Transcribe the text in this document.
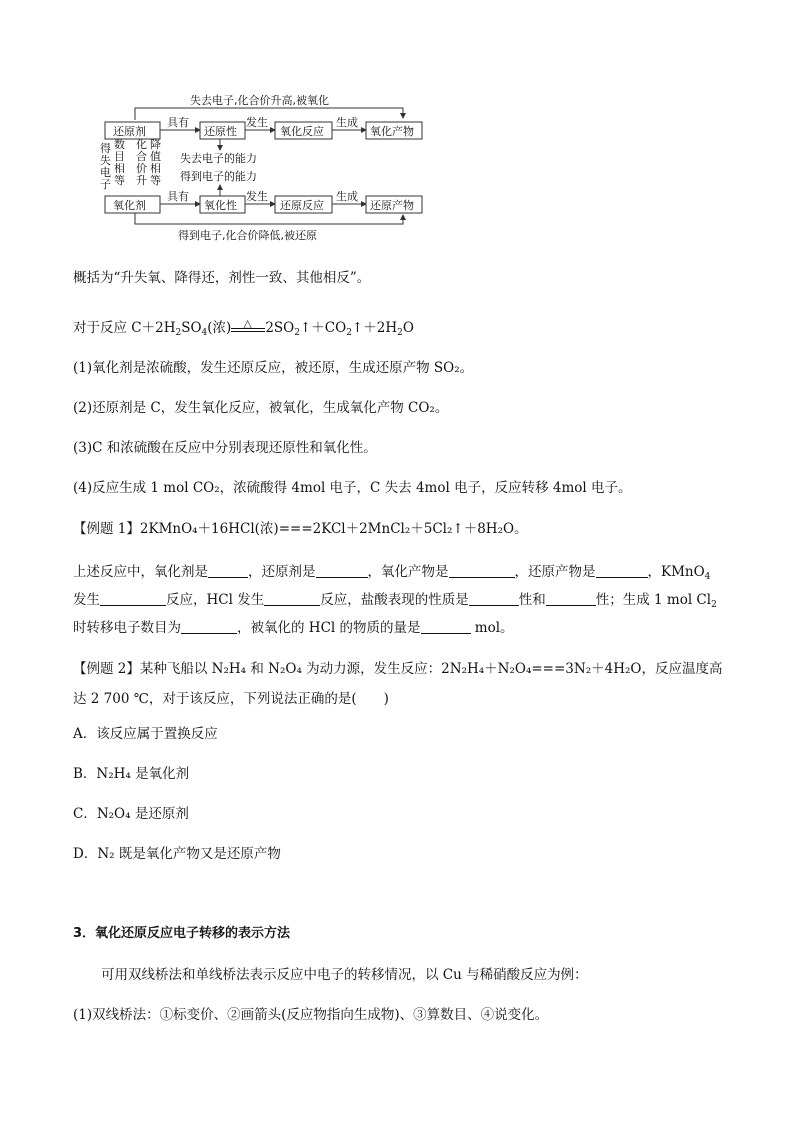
失去电子,化合价升高,被氧化
还原剂
具有
还原性
发生
氧化反应
生成
氧化产物
得失电子
数目相等
化合价升
降值相等
失去电子的能力
得到电子的能力
氧化剂
具有
氧化性
发生
还原反应
生成
还原产物
得到电子,化合价降低,被还原

概括为“升失氧、降得还，剂性一致、其他相反”。

对于反应 $C+2H_2SO_4$(浓) △ $2SO_2↑+CO_2↑+2H_2O$

(1)氧化剂是浓硫酸，发生还原反应，被还原，生成还原产物 SO₂。

(2)还原剂是 C，发生氧化反应，被氧化，生成氧化产物 CO₂。

(3)C 和浓硫酸在反应中分别表现还原性和氧化性。

(4)反应生成 1 mol CO₂，浓硫酸得 4mol 电子，C 失去 4mol 电子，反应转移 4mol 电子。

【例题 1】2KMnO₄＋16HCl(浓)===2KCl＋2MnCl₂＋5Cl₂↑＋8H₂O。

上述反应中，氧化剂是	，还原剂是	，氧化产物是	，还原产物是	，KMnO$_4$ 发生	反应，HCl 发生	反应，盐酸表现的性质是	性和	性；生成 1 mol $Cl_2$时转移电子数目为	，被氧化的 HCl 的物质的量是	mol。
【例题 2】某种飞船以 N₂H₄ 和 N₂O₄ 为动力源，发生反应：2N₂H₄＋N₂O₄===3N₂＋4H₂O，反应温度高达 2 700 ℃，对于该反应，下列说法正确的是(　　)

A．该反应属于置换反应

B．N₂H₄ 是氧化剂

C．N₂O₄ 是还原剂

D．N₂ 既是氧化产物又是还原产物

3．氧化还原反应电子转移的表示方法

可用双线桥法和单线桥法表示反应中电子的转移情况，以 Cu 与稀硝酸反应为例：

(1)双线桥法：①标变价、②画箭头(反应物指向生成物)、③算数目、④说变化。
